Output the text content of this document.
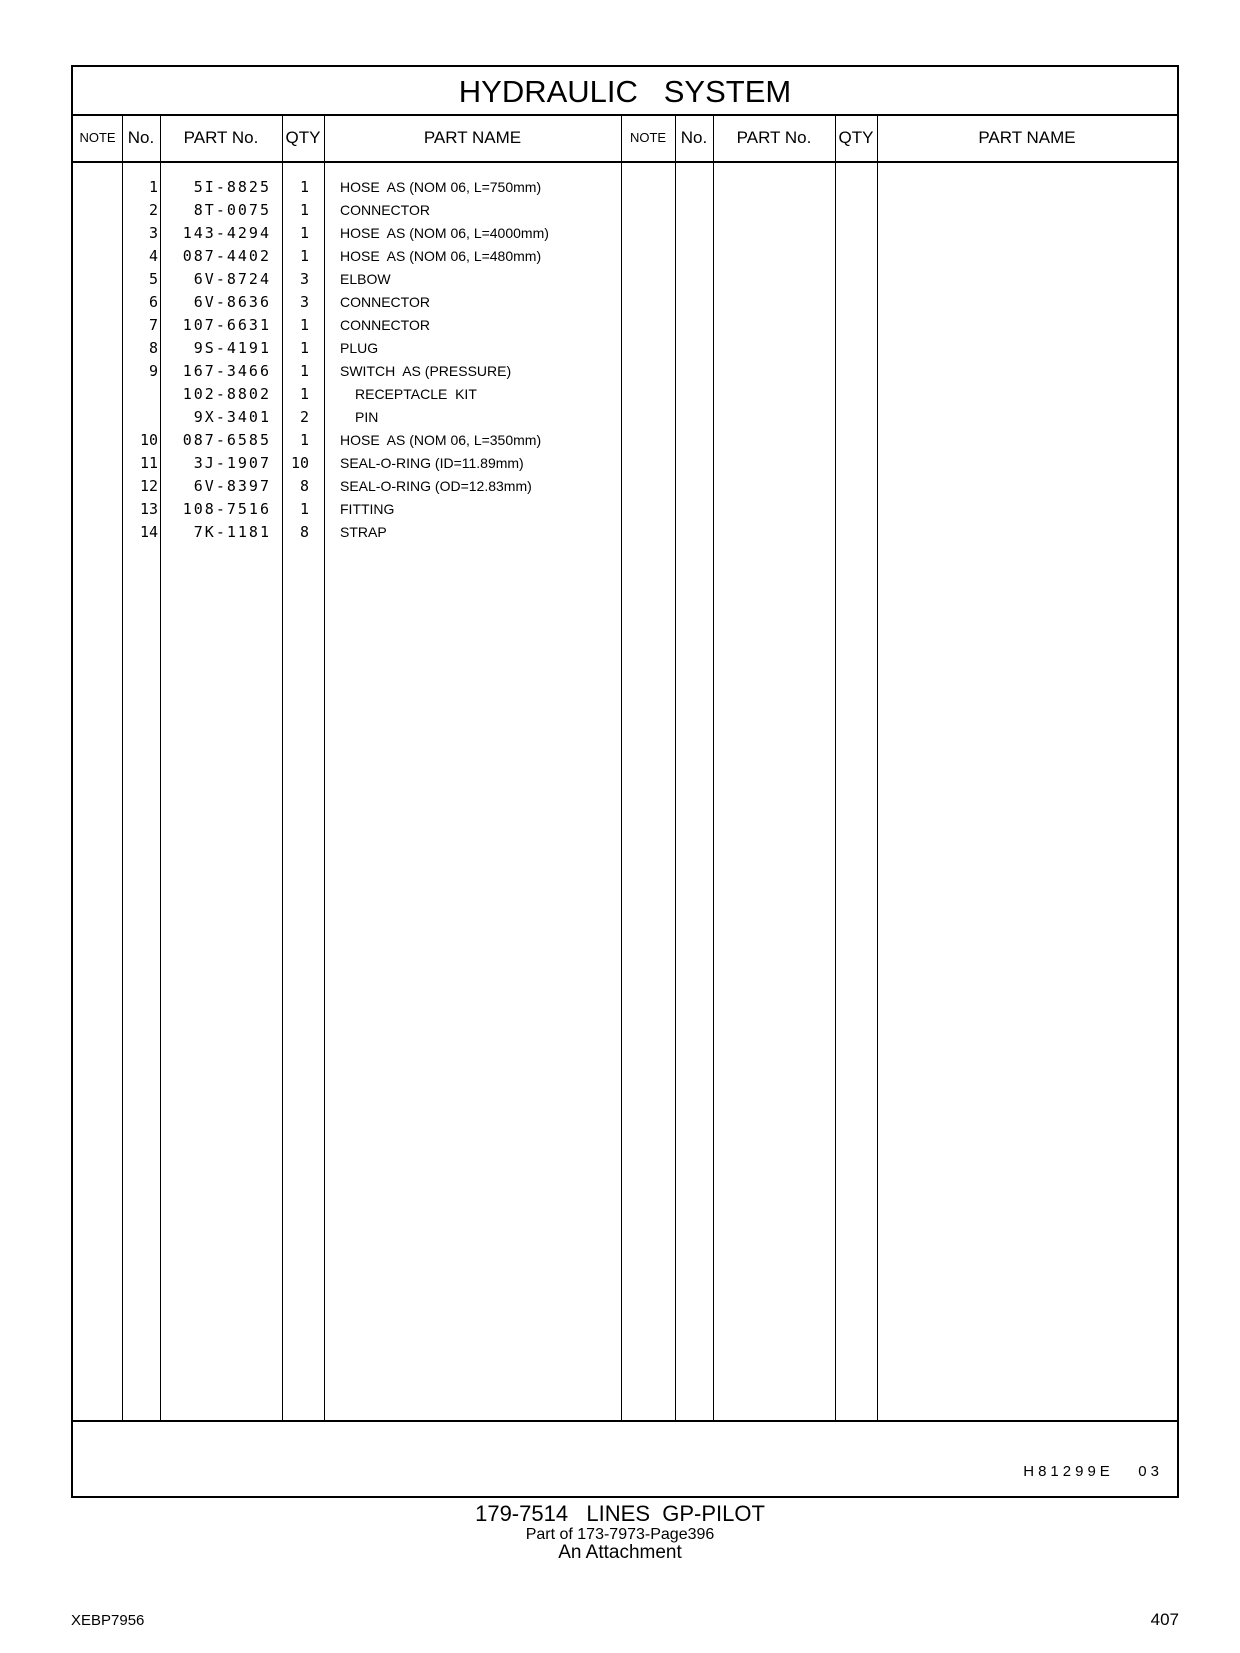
HYDRAULIC   SYSTEM
NOTE No.	PART No.	QTY	PART NAME	NOTE No.	PART No.	QTY	PART NAME
1	5I-8825	1 HOSE  AS (NOM 06, L=750mm)
2	8T-0075	1 CONNECTOR
3	143-4294	1 HOSE  AS (NOM 06, L=4000mm)
4	087-4402	1 HOSE  AS (NOM 06, L=480mm)
5	6V-8724	3 ELBOW
6	6V-8636	3 CONNECTOR
7	107-6631	1 CONNECTOR
8	9S-4191	1 PLUG
9	167-3466	1 SWITCH  AS (PRESSURE)
102-8802	1	RECEPTACLE  KIT
9X-3401	2	PIN
10	087-6585	1 HOSE  AS (NOM 06, L=350mm)
11	3J-1907	10 SEAL-O-RING (ID=11.89mm)
12	6V-8397	8 SEAL-O-RING (OD=12.83mm)
13	108-7516	1 FITTING
14	7K-1181	8 STRAP
H81299E   03
179-7514   LINES  GP-PILOT
Part of 173-7973-Page396
An Attachment
XEBP7956	407
